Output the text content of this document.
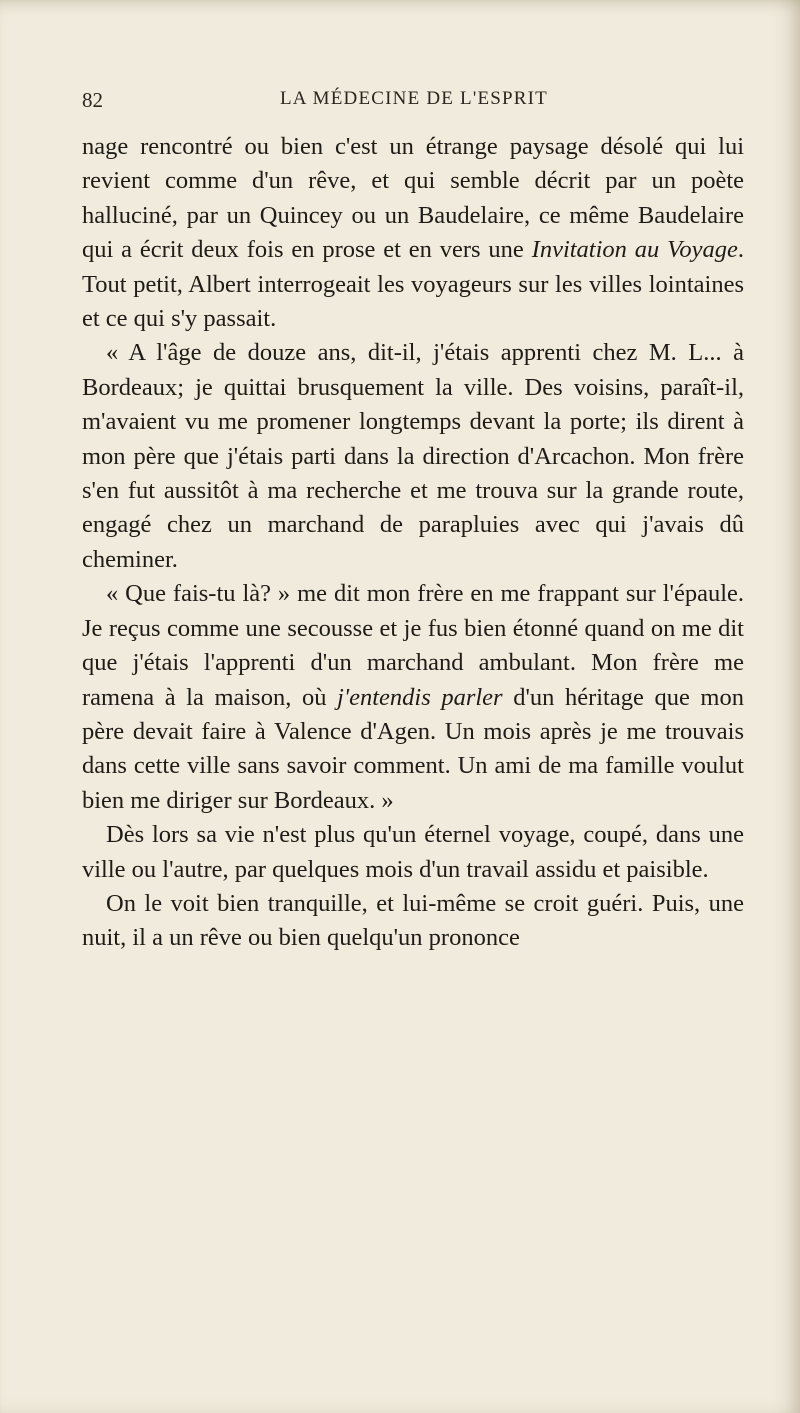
82	LA MÉDECINE DE L'ESPRIT

nage rencontré ou bien c'est un étrange paysage désolé qui lui revient comme d'un rêve, et qui semble décrit par un poète halluciné, par un Quincey ou un Baudelaire, ce même Baudelaire qui a écrit deux fois en prose et en vers une Invitation au Voyage. Tout petit, Albert interrogeait les voyageurs sur les villes lointaines et ce qui s'y passait.

« A l'âge de douze ans, dit-il, j'étais apprenti chez M. L... à Bordeaux; je quittai brusquement la ville. Des voisins, paraît-il, m'avaient vu me promener longtemps devant la porte; ils dirent à mon père que j'étais parti dans la direction d'Arcachon. Mon frère s'en fut aussitôt à ma recherche et me trouva sur la grande route, engagé chez un marchand de parapluies avec qui j'avais dû cheminer.

« Que fais-tu là? » me dit mon frère en me frappant sur l'épaule. Je reçus comme une secousse et je fus bien étonné quand on me dit que j'étais l'apprenti d'un marchand ambulant. Mon frère me ramena à la maison, où j'entendis parler d'un héritage que mon père devait faire à Valence d'Agen. Un mois après je me trouvais dans cette ville sans savoir comment. Un ami de ma famille voulut bien me diriger sur Bordeaux. »

Dès lors sa vie n'est plus qu'un éternel voyage, coupé, dans une ville ou l'autre, par quelques mois d'un travail assidu et paisible.

On le voit bien tranquille, et lui-même se croit guéri. Puis, une nuit, il a un rêve ou bien quelqu'un prononce
